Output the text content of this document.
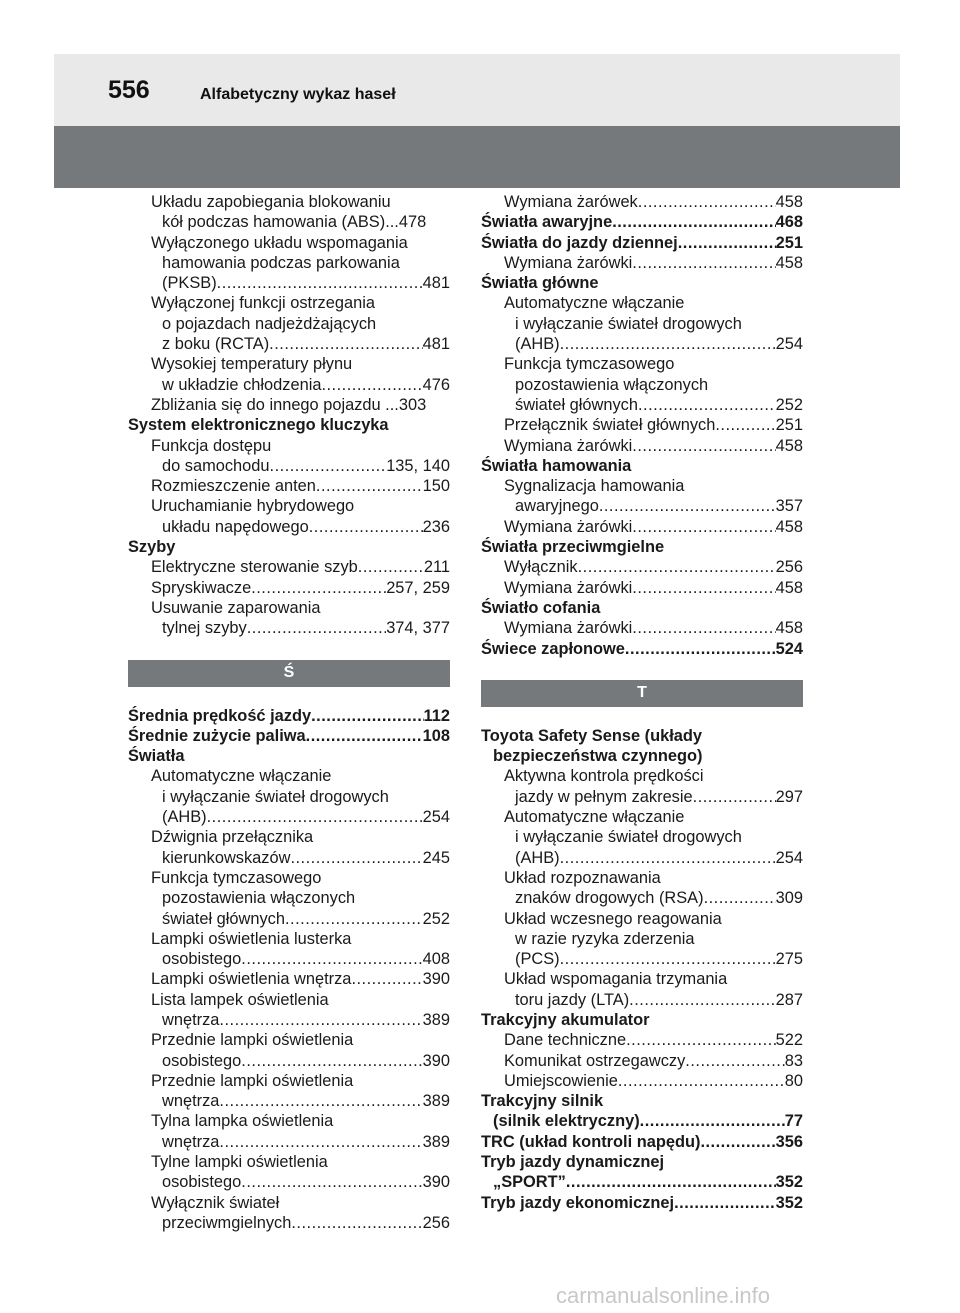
556	Alfabetyczny wykaz haseł
Układu zapobiegania blokowaniu
kół podczas hamowania (ABS)...478
Wyłączonego układu wspomagania
hamowania podczas parkowania
(PKSB) .....	481
Wyłączonej funkcji ostrzegania
o pojazdach nadjeżdżających
z boku (RCTA) .....	481
Wysokiej temperatury płynu
w układzie chłodzenia .....	476
Zbliżania się do innego pojazdu ...303
System elektronicznego kluczyka
Funkcja dostępu
do samochodu .....	135, 140
Rozmieszczenie anten .....	150
Uruchamianie hybrydowego
układu napędowego .....	236
Szyby
Elektryczne sterowanie szyb .....	211
Spryskiwacze .....	257, 259
Usuwanie zaparowania
tylnej szyby .....	374, 377
Ś
Średnia prędkość jazdy .....	112
Średnie zużycie paliwa .....	108
Światła
Automatyczne włączanie
i wyłączanie świateł drogowych
(AHB) .....	254
Dźwignia przełącznika
kierunkowskazów .....	245
Funkcja tymczasowego
pozostawienia włączonych
świateł głównych .....	252
Lampki oświetlenia lusterka
osobistego .....	408
Lampki oświetlenia wnętrza .....	390
Lista lampek oświetlenia
wnętrza .....	389
Przednie lampki oświetlenia
osobistego .....	390
Przednie lampki oświetlenia
wnętrza .....	389
Tylna lampka oświetlenia
wnętrza .....	389
Tylne lampki oświetlenia
osobistego .....	390
Wyłącznik świateł
przeciwmgielnych .....	256
Wymiana żarówek .....	458
Światła awaryjne .....	468
Światła do jazdy dziennej .....	251
Wymiana żarówki .....	458
Światła główne
Automatyczne włączanie
i wyłączanie świateł drogowych
(AHB) .....	254
Funkcja tymczasowego
pozostawienia włączonych
świateł głównych .....	252
Przełącznik świateł głównych .....	251
Wymiana żarówki .....	458
Światła hamowania
Sygnalizacja hamowania
awaryjnego .....	357
Wymiana żarówki .....	458
Światła przeciwmgielne
Wyłącznik .....	256
Wymiana żarówki .....	458
Światło cofania
Wymiana żarówki .....	458
Świece zapłonowe .....	524
T
Toyota Safety Sense (układy
bezpieczeństwa czynnego)
Aktywna kontrola prędkości
jazdy w pełnym zakresie .....	297
Automatyczne włączanie
i wyłączanie świateł drogowych
(AHB) .....	254
Układ rozpoznawania
znaków drogowych (RSA) .....	309
Układ wczesnego reagowania
w razie ryzyka zderzenia
(PCS) .....	275
Układ wspomagania trzymania
toru jazdy (LTA) .....	287
Trakcyjny akumulator
Dane techniczne .....	522
Komunikat ostrzegawczy .....	83
Umiejscowienie .....	80
Trakcyjny silnik
(silnik elektryczny) .....	77
TRC (układ kontroli napędu) .....	356
Tryb jazdy dynamicznej
„SPORT” .....	352
Tryb jazdy ekonomicznej .....	352
carmanualsonline.info
